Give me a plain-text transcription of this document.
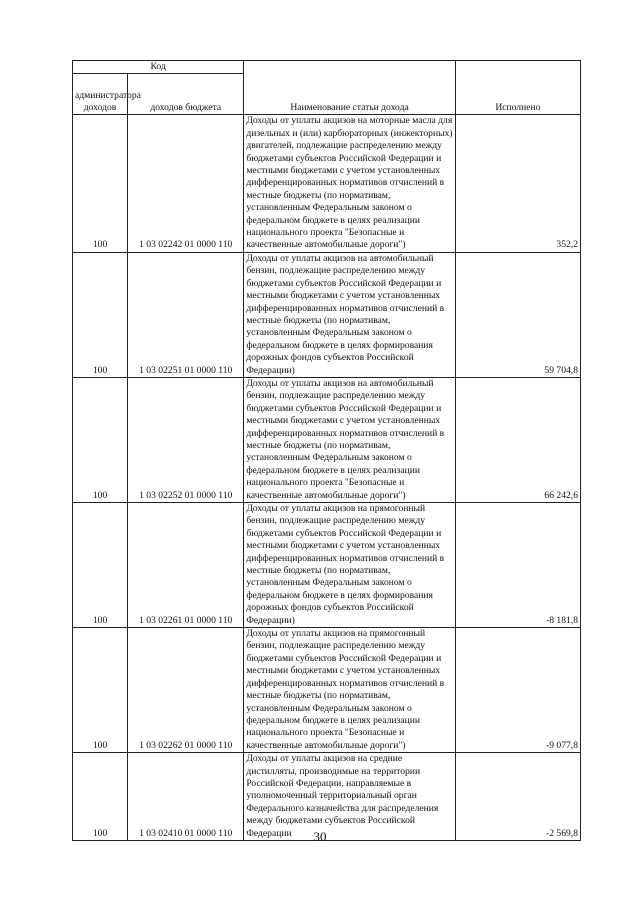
Код		Наименование статьи дохода	Исполнено
администратора доходов	доходов бюджета		
100	1 03 02242 01 0000 110	Доходы от уплаты акцизов на моторные масла для дизельных и (или) карбюраторных (инжекторных) двигателей, подлежащие распределению между бюджетами субъектов Российской Федерации и местными бюджетами с учетом установленных дифференцированных нормативов отчислений в местные бюджеты (по нормативам, установленным Федеральным законом о федеральном бюджете в целях реализации национального проекта "Безопасные и качественные автомобильные дороги")	352,2
100	1 03 02251 01 0000 110	Доходы от уплаты акцизов на автомобильный бензин, подлежащие распределению между бюджетами субъектов Российской Федерации и местными бюджетами с учетом установленных дифференцированных нормативов отчислений в местные бюджеты (по нормативам, установленным Федеральным законом о федеральном бюджете в целях формирования дорожных фондов субъектов Российской Федерации)	59 704,8
100	1 03 02252 01 0000 110	Доходы от уплаты акцизов на автомобильный бензин, подлежащие распределению между бюджетами субъектов Российской Федерации и местными бюджетами с учетом установленных дифференцированных нормативов отчислений в местные бюджеты (по нормативам, установленным Федеральным законом о федеральном бюджете в целях реализации национального проекта "Безопасные и качественные автомобильные дороги")	66 242,6
100	1 03 02261 01 0000 110	Доходы от уплаты акцизов на прямогонный бензин, подлежащие распределению между бюджетами субъектов Российской Федерации и местными бюджетами с учетом установленных дифференцированных нормативов отчислений в местные бюджеты (по нормативам, установленным Федеральным законом о федеральном бюджете в целях формирования дорожных фондов субъектов Российской Федерации)	-8 181,8
100	1 03 02262 01 0000 110	Доходы от уплаты акцизов на прямогонный бензин, подлежащие распределению между бюджетами субъектов Российской Федерации и местными бюджетами с учетом установленных дифференцированных нормативов отчислений в местные бюджеты (по нормативам, установленным Федеральным законом о федеральном бюджете в целях реализации национального проекта "Безопасные и качественные автомобильные дороги")	-9 077,8
100	1 03 02410 01 0000 110	Доходы от уплаты акцизов на средние дистилляты, производимые на территории Российской Федерации, направляемые в уполномоченный территориальный орган Федерального казначейства для распределения между бюджетами субъектов Российской Федерации	-2 569,8
30
